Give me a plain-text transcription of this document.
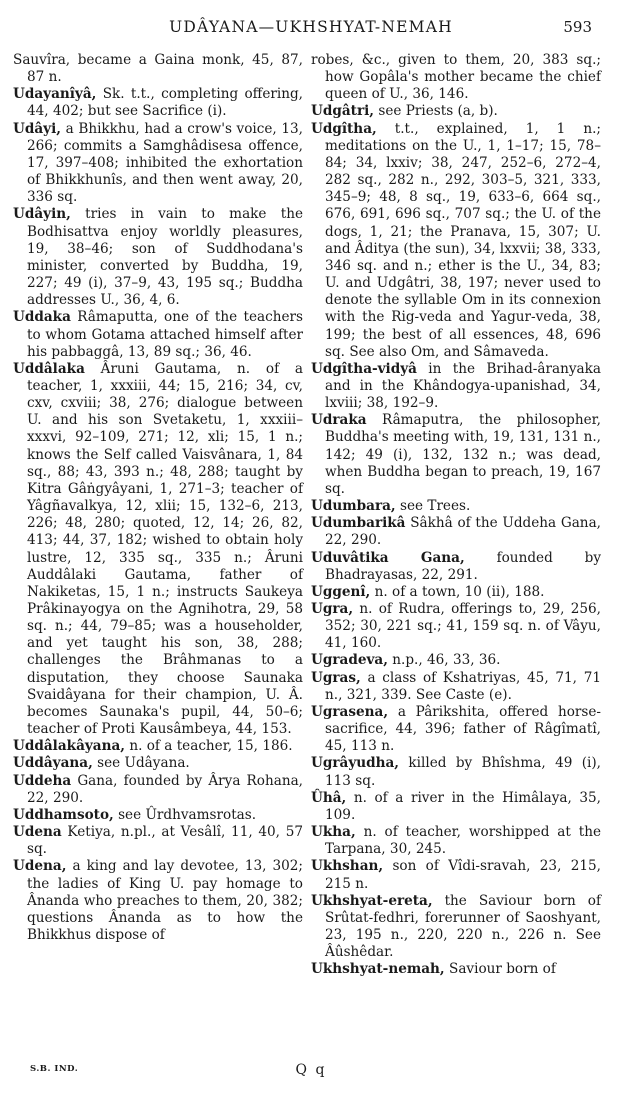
UDÂYANA—UKHSHYAT-NEMAH	593

Sauvîra, became a Gaina monk, 45, 87, 87 n.

Udayanîyâ, Sk. t.t., completing offering, 44, 402; but see Sacrifice (i).

Udâyi, a Bhikkhu, had a crow's voice, 13, 266; commits a Samghâdisesa offence, 17, 397–408; inhibited the exhortation of Bhikkhunîs, and then went away, 20, 336 sq.

Udâyin, tries in vain to make the Bodhisattva enjoy worldly pleasures, 19, 38–46; son of Suddhodana's minister, converted by Buddha, 19, 227; 49 (i), 37–9, 43, 195 sq.; Buddha addresses U., 36, 4, 6.

Uddaka Râmaputta, one of the teachers to whom Gotama attached himself after his pabbaggâ, 13, 89 sq.; 36, 46.

Uddâlaka Âruni Gautama, n. of a teacher, 1, xxxiii, 44; 15, 216; 34, cv, cxv, cxviii; 38, 276; dialogue between U. and his son Svetaketu, 1, xxxiii–xxxvi, 92–109, 271; 12, xli; 15, 1 n.; knows the Self called Vaisvânara, 1, 84 sq., 88; 43, 393 n.; 48, 288; taught by Kitra Gâṅgyâyani, 1, 271–3; teacher of Yâgñavalkya, 12, xlii; 15, 132–6, 213, 226; 48, 280; quoted, 12, 14; 26, 82, 413; 44, 37, 182; wished to obtain holy lustre, 12, 335 sq., 335 n.; Âruni Auddâlaki Gautama, father of Nakiketas, 15, 1 n.; instructs Saukeya Prâkinayogya on the Agnihotra, 29, 58 sq. n.; 44, 79–85; was a householder, and yet taught his son, 38, 288; challenges the Brâhmanas to a disputation, they choose Saunaka Svaidâyana for their champion, U. Â. becomes Saunaka's pupil, 44, 50–6; teacher of Proti Kausâmbeya, 44, 153.

Uddâlakâyana, n. of a teacher, 15, 186.

Uddâyana, see Udâyana.

Uddeha Gana, founded by Ârya Rohana, 22, 290.

Uddhamsoto, see Ûrdhvamsrotas.

Udena Ketiya, n.pl., at Vesâlî, 11, 40, 57 sq.

Udena, a king and lay devotee, 13, 302; the ladies of King U. pay homage to Ânanda who preaches to them, 20, 382; questions Ânanda as to how the Bhikkhus dispose of

robes, &c., given to them, 20, 383 sq.; how Gopâla's mother became the chief queen of U., 36, 146.

Udgâtri, see Priests (a, b).

Udgîtha, t.t., explained, 1, 1 n.; meditations on the U., 1, 1–17; 15, 78–84; 34, lxxiv; 38, 247, 252–6, 272–4, 282 sq., 282 n., 292, 303–5, 321, 333, 345–9; 48, 8 sq., 19, 633–6, 664 sq., 676, 691, 696 sq., 707 sq.; the U. of the dogs, 1, 21; the Pranava, 15, 307; U. and Âditya (the sun), 34, lxxvii; 38, 333, 346 sq. and n.; ether is the U., 34, 83; U. and Udgâtri, 38, 197; never used to denote the syllable Om in its connexion with the Rig-veda and Yagur-veda, 38, 199; the best of all essences, 48, 696 sq. See also Om, and Sâmaveda.

Udgîtha-vidyâ in the Brihad-âranyaka and in the Khândogya-upanishad, 34, lxviii; 38, 192–9.

Udraka Râmaputra, the philosopher, Buddha's meeting with, 19, 131, 131 n., 142; 49 (i), 132, 132 n.; was dead, when Buddha began to preach, 19, 167 sq.

Udumbara, see Trees.

Udumbarikâ Sâkhâ of the Uddeha Gana, 22, 290.

Uduvâtika Gana, founded by Bhadrayasas, 22, 291.

Uggenî, n. of a town, 10 (ii), 188.

Ugra, n. of Rudra, offerings to, 29, 256, 352; 30, 221 sq.; 41, 159 sq. n. of Vâyu, 41, 160.

Ugradeva, n.p., 46, 33, 36.

Ugras, a class of Kshatriyas, 45, 71, 71 n., 321, 339. See Caste (e).

Ugrasena, a Pârikshita, offered horse-sacrifice, 44, 396; father of Râgîmatî, 45, 113 n.

Ugrâyudha, killed by Bhîshma, 49 (i), 113 sq.

Ûhâ, n. of a river in the Himâlaya, 35, 109.

Ukha, n. of teacher, worshipped at the Tarpana, 30, 245.

Ukhshan, son of Vîdi-sravah, 23, 215, 215 n.

Ukhshyat-ereta, the Saviour born of Srûtat-fedhri, forerunner of Saoshyant, 23, 195 n., 220, 220 n., 226 n. See Âûshêdar.

Ukhshyat-nemah, Saviour born of

S.B. IND.	Q q
